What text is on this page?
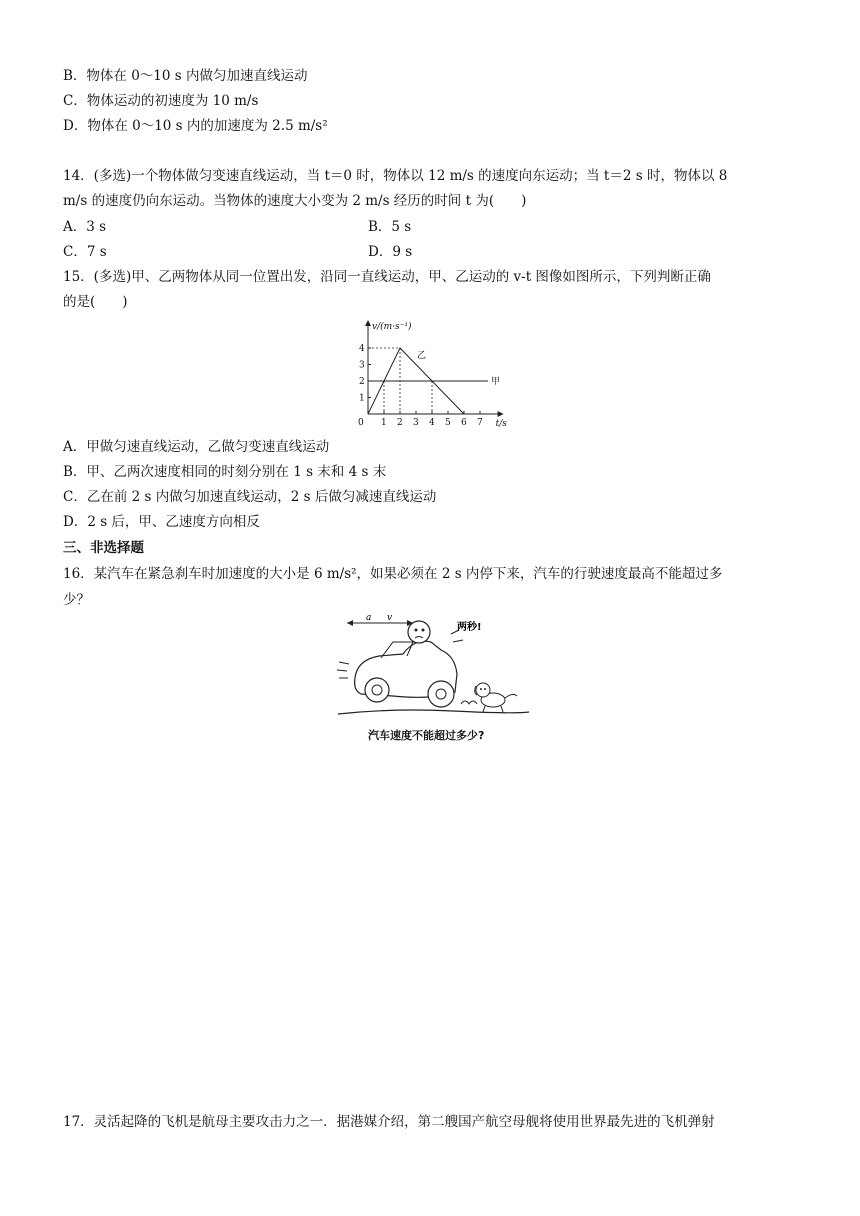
B．物体在 0～10 s 内做匀加速直线运动
C．物体运动的初速度为 10 m/s
D．物体在 0～10 s 内的加速度为 2.5 m/s²
14．(多选)一个物体做匀变速直线运动，当 t＝0 时，物体以 12 m/s 的速度向东运动；当 t＝2 s 时，物体以 8
m/s 的速度仍向东运动。当物体的速度大小变为 2 m/s 经历的时间 t 为(　　)
A．3 s	B．5 s
C．7 s	D．9 s
15．(多选)甲、乙两物体从同一位置出发，沿同一直线运动，甲、乙运动的 v-t 图像如图所示，下列判断正确
的是(　　)
0 1 2 3 4 5 6 7
1
2
3
4
v/(m·s⁻¹)
t/s
甲
乙
A．甲做匀速直线运动，乙做匀变速直线运动
B．甲、乙两次速度相同的时刻分别在 1 s 末和 4 s 末
C．乙在前 2 s 内做匀加速直线运动，2 s 后做匀减速直线运动
D．2 s 后，甲、乙速度方向相反
三、非选择题
16．某汽车在紧急刹车时加速度的大小是 6 m/s²，如果必须在 2 s 内停下来，汽车的行驶速度最高不能超过多
少？
a v
两秒!
汽车速度不能超过多少?
17．灵活起降的飞机是航母主要攻击力之一．据港媒介绍，第二艘国产航空母舰将使用世界最先进的飞机弹射
